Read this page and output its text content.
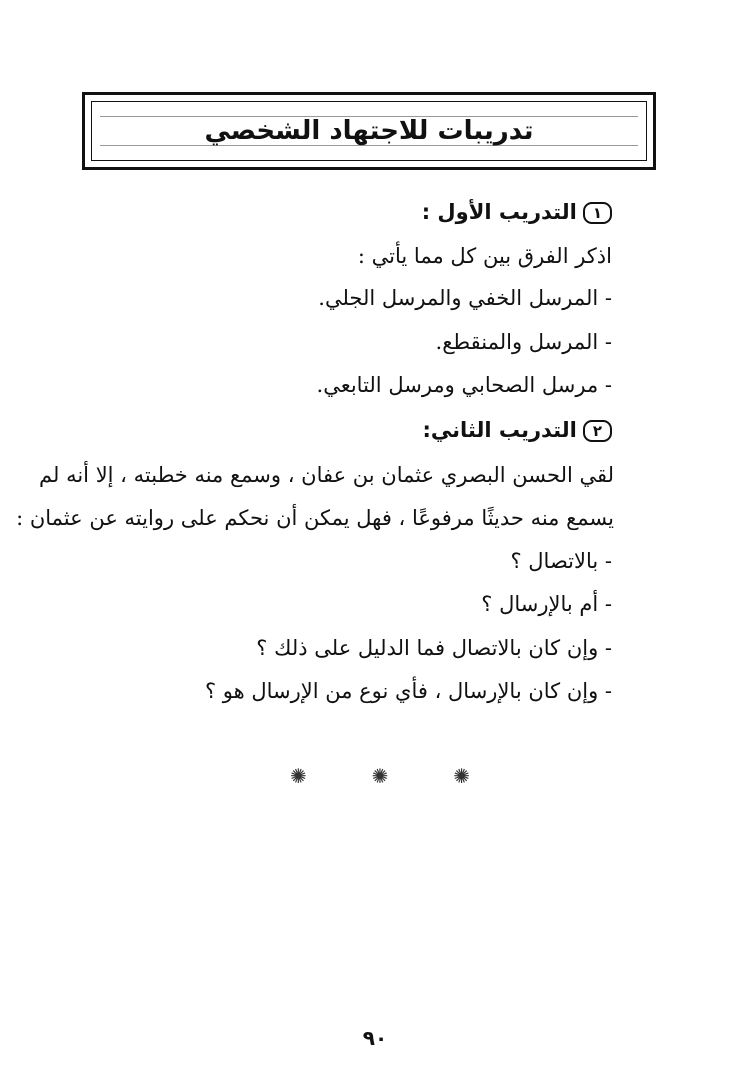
تدريبات للاجتهاد الشخصي
١التدريب الأول :
اذكر الفرق بين كل مما يأتي :
- المرسل الخفي والمرسل الجلي.
- المرسل والمنقطع.
- مرسل الصحابي ومرسل التابعي.
٢التدريب الثاني:
لقي الحسن البصري عثمان بن عفان ، وسمع منه خطبته ، إلا أنه لم
يسمع منه حديثًا مرفوعًا ، فهل يمكن أن نحكم على روايته عن عثمان :
- بالاتصال ؟
- أم بالإرسال ؟
- وإن كان بالاتصال فما الدليل على ذلك ؟
- وإن كان بالإرسال ، فأي نوع من الإرسال هو ؟
✺	✺	✺
٩٠
